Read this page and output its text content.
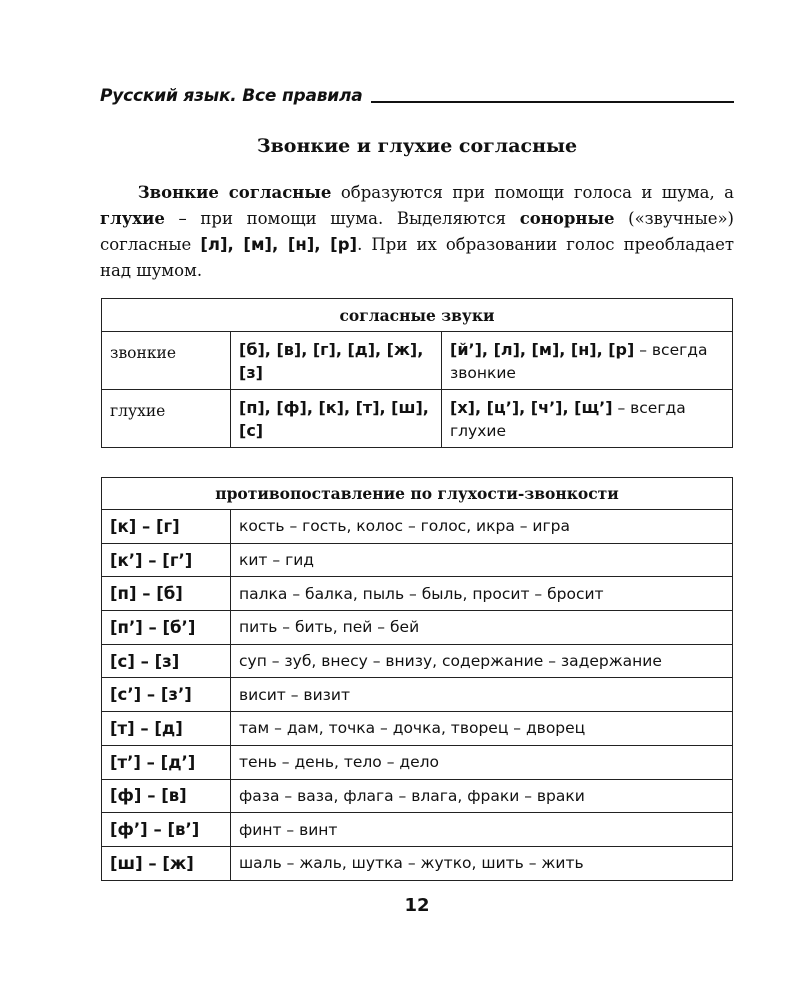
Русский язык. Все правила
Звонкие и глухие согласные

Звонкие согласные образуются при помощи голоса и шума, а глухие – при помощи шума. Выделяются сонорные («звучные») согласные [л], [м], [н], [р]. При их образовании голос преобладает над шумом.

согласные звуки		
звонкие	[б], [в], [г], [д], [ж], [з]	[й’], [л], [м], [н], [р] – всегда звонкие
глухие	[п], [ф], [к], [т], [ш], [с]	[х], [ц’], [ч’], [щ’] – всегда глухие
противопоставление по глухости-звонкости	
[к] – [г]	кость – гость, колос – голос, икра – игра
[к’] – [г’]	кит – гид
[п] – [б]	палка – балка, пыль – быль, просит – бросит
[п’] – [б’]	пить – бить, пей – бей
[с] – [з]	суп – зуб, внесу – внизу, содержание – задержание
[с’] – [з’]	висит – визит
[т] – [д]	там – дам, точка – дочка, творец – дворец
[т’] – [д’]	тень – день, тело – дело
[ф] – [в]	фаза – ваза, флага – влага, фраки – враки
[ф’] – [в’]	финт – винт
[ш] – [ж]	шаль – жаль, шутка – жутко, шить – жить
12
